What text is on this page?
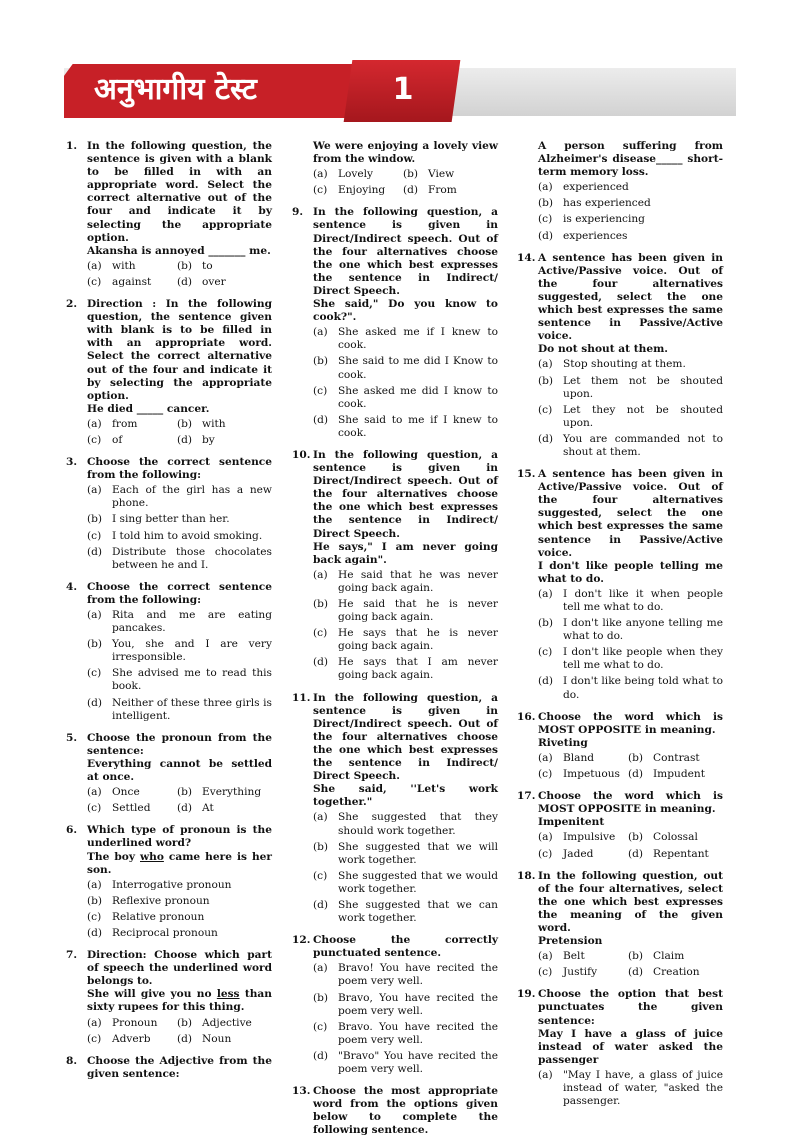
अनुभागीय टेस्ट	1
1. In the following question, the sentence is given with a blank to be filled in with an appropriate word. Select the correct alternative out of the four and indicate it by selecting the appropriate option.
Akansha is annoyed _______ me.
(a) with	(b) to
(c) against	(d) over
2. Direction : In the following question, the sentence given with blank is to be filled in with an appropriate word. Select the correct alternative out of the four and indicate it by selecting the appropriate option.
He died _____ cancer.
(a) from	(b) with
(c) of	(d) by
3. Choose the correct sentence from the following:
(a) Each of the girl has a new phone.
(b) I sing better than her.
(c) I told him to avoid smoking.
(d) Distribute those chocolates between he and I.
4. Choose the correct sentence from the following:
(a) Rita and me are eating pancakes.
(b) You, she and I are very irresponsible.
(c) She advised me to read this book.
(d) Neither of these three girls is intelligent.
5. Choose the pronoun from the sentence:
Everything cannot be settled at once.
(a) Once	(b) Everything
(c) Settled	(d) At
6. Which type of pronoun is the underlined word?
The boy who came here is her son.
(a) Interrogative pronoun
(b) Reflexive pronoun
(c) Relative pronoun
(d) Reciprocal pronoun
7. Direction: Choose which part of speech the underlined word belongs to.
She will give you no less than sixty rupees for this thing.
(a) Pronoun	(b) Adjective
(c) Adverb	(d) Noun
8. Choose the Adjective from the given sentence:
We were enjoying a lovely view from the window.
(a) Lovely	(b) View
(c) Enjoying	(d) From
9. In the following question, a sentence is given in Direct/Indirect speech. Out of the four alternatives choose the one which best expresses the sentence in Indirect/ Direct Speech.
She said," Do you know to cook?".
(a) She asked me if I knew to cook.
(b) She said to me did I Know to cook.
(c) She asked me did I know to cook.
(d) She said to me if I knew to cook.
10. In the following question, a sentence is given in Direct/Indirect speech. Out of the four alternatives choose the one which best expresses the sentence in Indirect/ Direct Speech.
He says," I am never going back again".
(a) He said that he was never going back again.
(b) He said that he is never going back again.
(c) He says that he is never going back again.
(d) He says that I am never going back again.
11. In the following question, a sentence is given in Direct/Indirect speech. Out of the four alternatives choose the one which best expresses the sentence in Indirect/ Direct Speech.
She said, ''Let's work together."
(a) She suggested that they should work together.
(b) She suggested that we will work together.
(c) She suggested that we would work together.
(d) She suggested that we can work together.
12. Choose the correctly punctuated sentence.
(a) Bravo! You have recited the poem very well.
(b) Bravo, You have recited the poem very well.
(c) Bravo. You have recited the poem very well.
(d) "Bravo" You have recited the poem very well.
13. Choose the most appropriate word from the options given below to complete the following sentence.
A person suffering from Alzheimer's disease_____ short-term memory loss.
(a) experienced
(b) has experienced
(c) is experiencing
(d) experiences
14. A sentence has been given in Active/Passive voice. Out of the four alternatives suggested, select the one which best expresses the same sentence in Passive/Active voice.
Do not shout at them.
(a) Stop shouting at them.
(b) Let them not be shouted upon.
(c) Let they not be shouted upon.
(d) You are commanded not to shout at them.
15. A sentence has been given in Active/Passive voice. Out of the four alternatives suggested, select the one which best expresses the same sentence in Passive/Active voice.
I don't like people telling me what to do.
(a) I don't like it when people tell me what to do.
(b) I don't like anyone telling me what to do.
(c) I don't like people when they tell me what to do.
(d) I don't like being told what to do.
16. Choose the word which is MOST OPPOSITE in meaning.
Riveting
(a) Bland	(b) Contrast
(c) Impetuous (d) Impudent
17. Choose the word which is MOST OPPOSITE in meaning.
Impenitent
(a) Impulsive	(b) Colossal
(c) Jaded	(d) Repentant
18. In the following question, out of the four alternatives, select the one which best expresses the meaning of the given word.
Pretension
(a) Belt	(b) Claim
(c) Justify	(d) Creation
19. Choose the option that best punctuates the given sentence:
May I have a glass of juice instead of water asked the passenger
(a) "May I have, a glass of juice instead of water, "asked the passenger.
